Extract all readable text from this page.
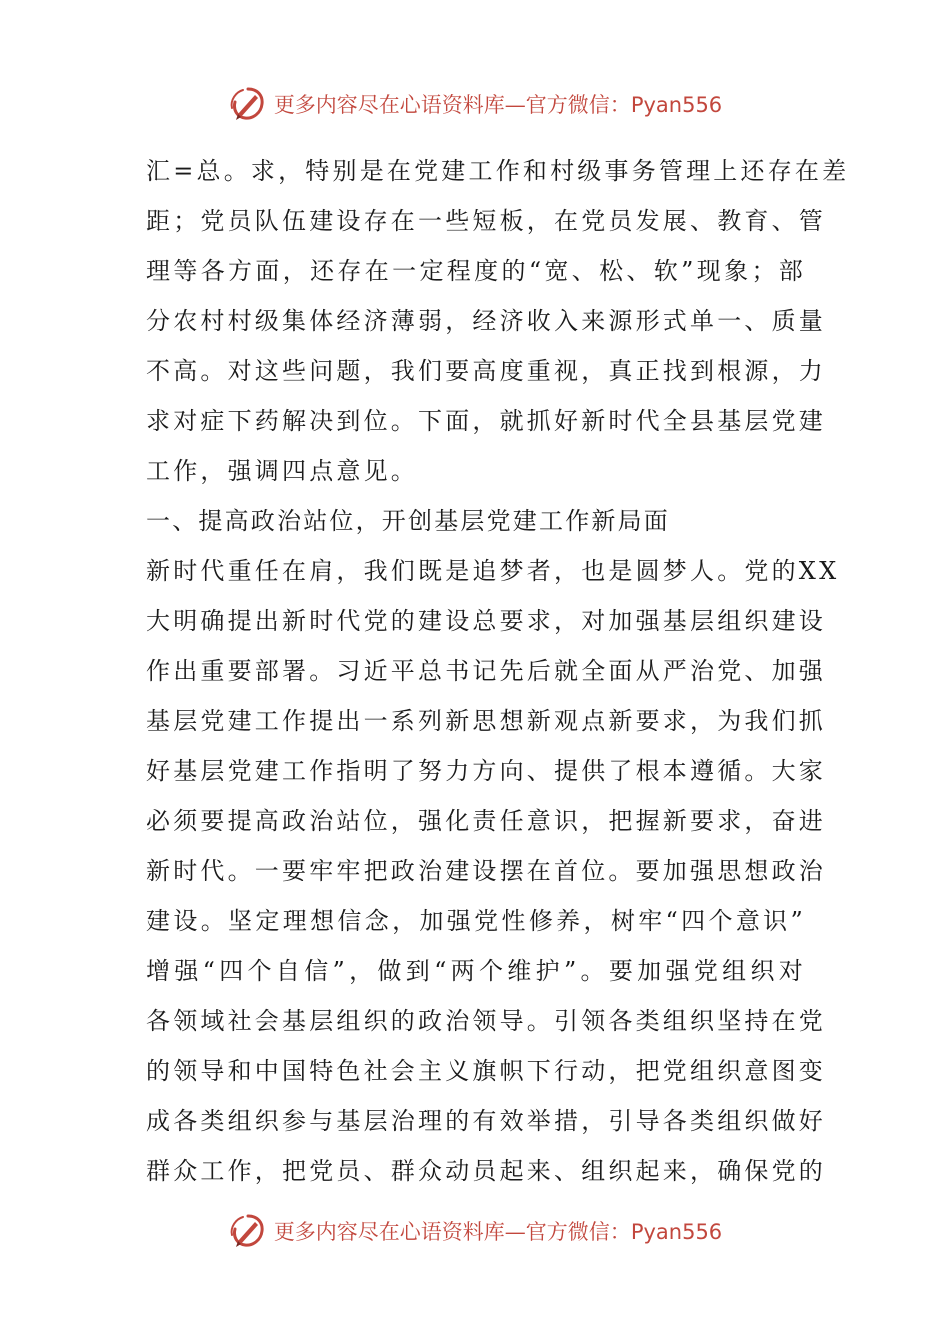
更多内容尽在心语资料库—官方微信：Pyan556
汇=总。求，特别是在党建工作和村级事务管理上还存在差
距；党员队伍建设存在一些短板，在党员发展、教育、管
理等各方面，还存在一定程度的“宽、松、软”现象；部
分农村村级集体经济薄弱，经济收入来源形式单一、质量
不高。对这些问题，我们要高度重视，真正找到根源，力
求对症下药解决到位。下面，就抓好新时代全县基层党建
工作，强调四点意见。
一、提高政治站位，开创基层党建工作新局面
新时代重任在肩，我们既是追梦者，也是圆梦人。党的XX
大明确提出新时代党的建设总要求，对加强基层组织建设
作出重要部署。习近平总书记先后就全面从严治党、加强
基层党建工作提出一系列新思想新观点新要求，为我们抓
好基层党建工作指明了努力方向、提供了根本遵循。大家
必须要提高政治站位，强化责任意识，把握新要求，奋进
新时代。一要牢牢把政治建设摆在首位。要加强思想政治
建设。坚定理想信念，加强党性修养，树牢“四个意识”
增强“四个自信”，做到“两个维护”。要加强党组织对
各领域社会基层组织的政治领导。引领各类组织坚持在党
的领导和中国特色社会主义旗帜下行动，把党组织意图变
成各类组织参与基层治理的有效举措，引导各类组织做好
群众工作，把党员、群众动员起来、组织起来，确保党的
更多内容尽在心语资料库—官方微信：Pyan556
